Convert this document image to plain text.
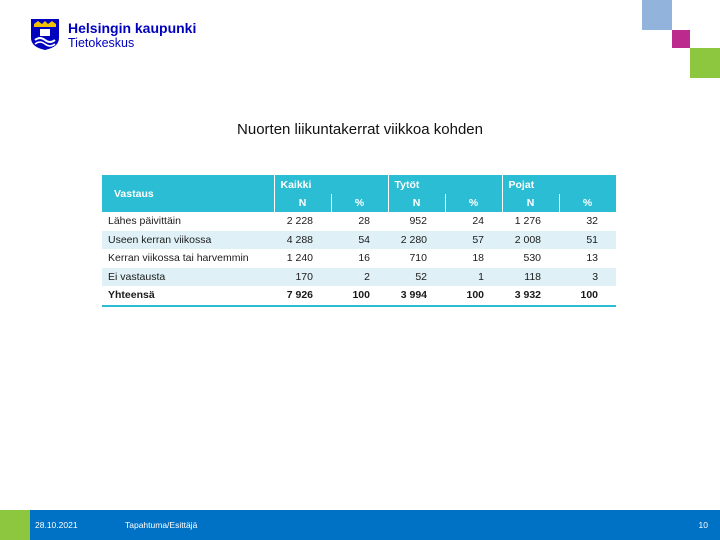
Helsingin kaupunki
Tietokeskus
Nuorten liikuntakerrat viikkoa kohden
Vastaus	Kaikki		Tytöt		Pojat	
	N	%	N	%	N	%
Lähes päivittäin	2 228	28	952	24	1 276	32
Useen kerran viikossa	4 288	54	2 280	57	2 008	51
Kerran viikossa tai harvemmin	1 240	16	710	18	530	13
Ei vastausta	170	2	52	1	118	3
Yhteensä	7 926	100	3 994	100	3 932	100
28.10.2021	Tapahtuma/Esittäjä	10
